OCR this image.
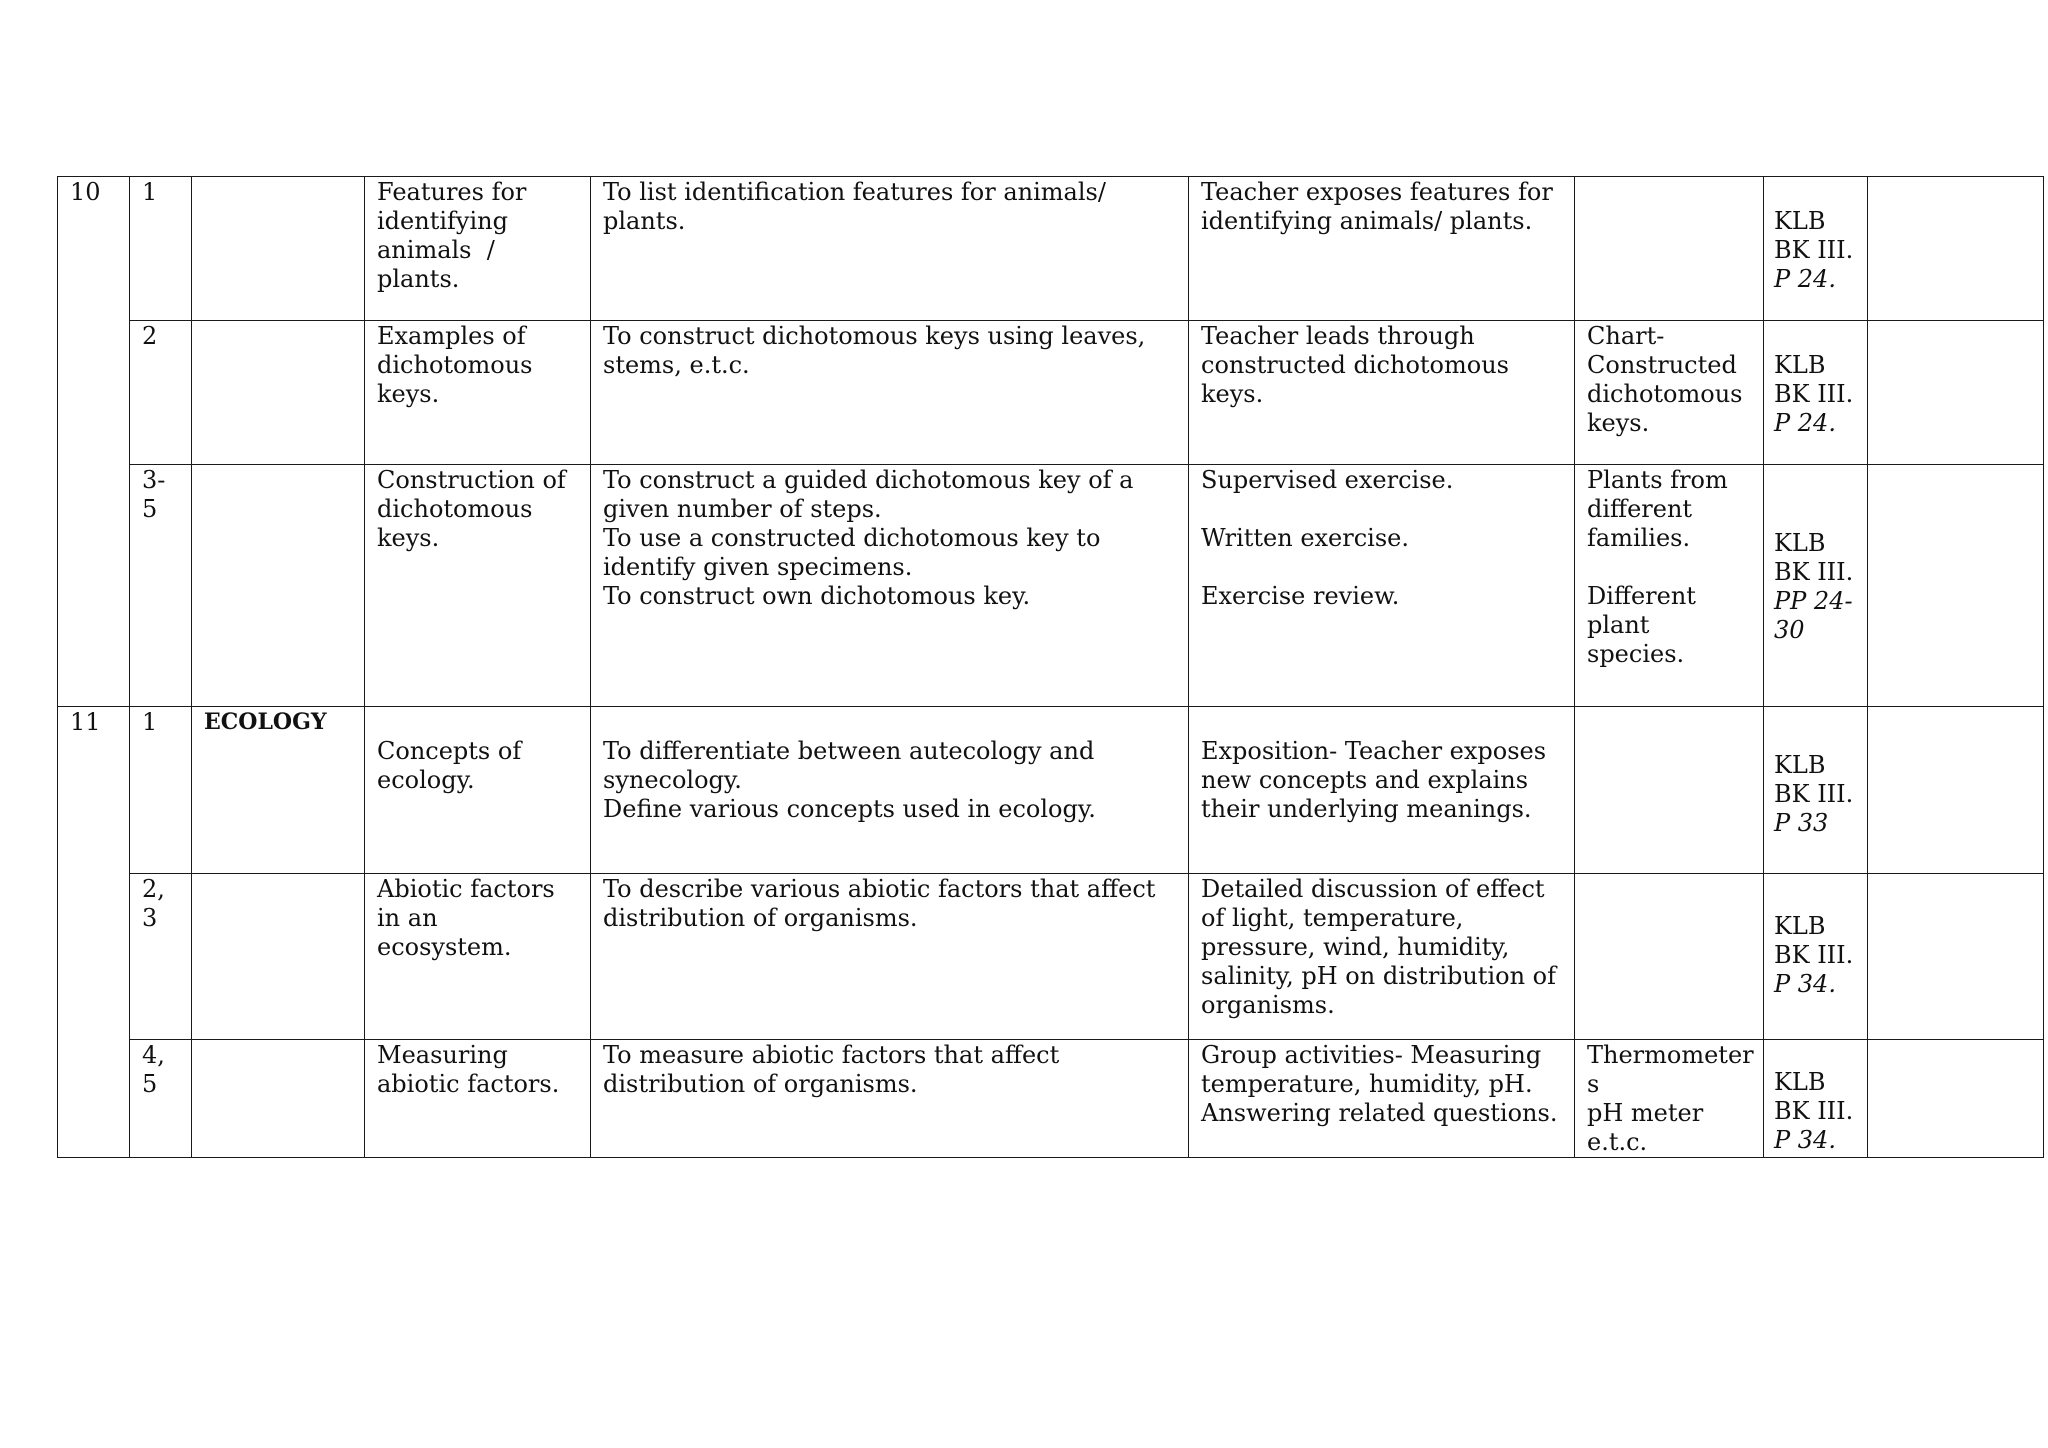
10	1		Features for
identifying
animals  /
plants.	To list identification features for animals/
plants.	Teacher exposes features for
identifying animals/ plants.		KLB
BK III.
P 24.	

	2		Examples of
dichotomous
keys.	To construct dichotomous keys using leaves,
stems, e.t.c.	Teacher leads through
constructed dichotomous
keys.	Chart-
Constructed
dichotomous
keys.	KLB
BK III.
P 24.	

	3-
5		Construction of
dichotomous
keys.	To construct a guided dichotomous key of a
given number of steps.
To use a constructed dichotomous key to
identify given specimens.
To construct own dichotomous key.	Supervised exercise.
Written exercise.
Exercise review.	Plants from
different
families.
Different
plant species.	KLB
BK III.
PP 24-
30	

11	1	ECOLOGY	Concepts of
ecology.	To differentiate between autecology and
synecology.
Define various concepts used in ecology.	Exposition- Teacher exposes
new concepts and explains
their underlying meanings.		KLB
BK III.
P 33	

	2,
3		Abiotic factors
in an ecosystem.	To describe various abiotic factors that affect
distribution of organisms.	Detailed discussion of effect
of light, temperature,
pressure, wind, humidity,
salinity, pH on distribution of
organisms.		KLB
BK III.
P 34.	

	4,
5		Measuring
abiotic factors.	To measure abiotic factors that affect
distribution of organisms.	Group activities- Measuring
temperature, humidity, pH.
Answering related questions.	Thermometer
s
pH meter
e.t.c.	KLB
BK III.
P 34.	
